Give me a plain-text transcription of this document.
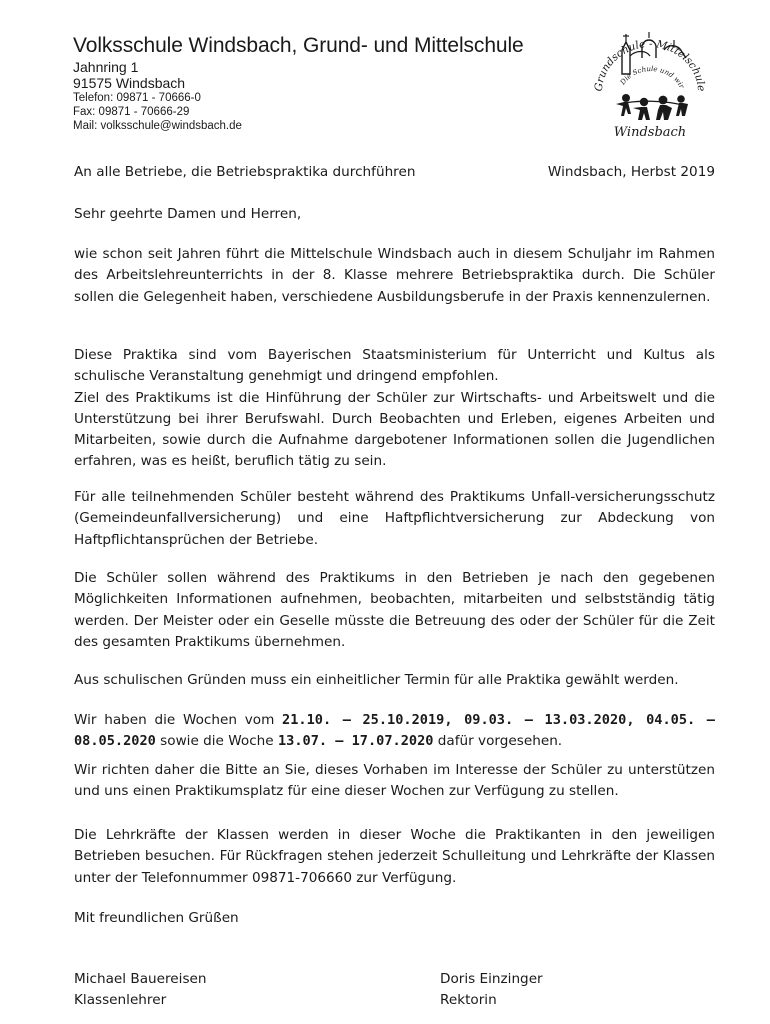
Volksschule Windsbach, Grund- und Mittelschule
Jahnring 1
91575 Windsbach
Telefon: 09871 - 70666-0
Fax: 09871 - 70666-29
Mail: volksschule@windsbach.de
Grundschule - Mittelschule
Die Schule und wir
Windsbach
An alle Betriebe, die Betriebspraktika durchführen	Windsbach, Herbst 2019
Sehr geehrte Damen und Herren,

wie schon seit Jahren führt die Mittelschule Windsbach auch in diesem Schuljahr im Rahmen des Arbeitslehreunterrichts in der 8. Klasse mehrere Betriebspraktika durch. Die Schüler sollen die Gelegenheit haben, verschiedene Ausbildungsberufe in der Praxis kennenzulernen.

Diese Praktika sind vom Bayerischen Staatsministerium für Unterricht und Kultus als schulische Veranstaltung genehmigt und dringend empfohlen.

Ziel des Praktikums ist die Hinführung der Schüler zur Wirtschafts- und Arbeitswelt und die Unterstützung bei ihrer Berufswahl. Durch Beobachten und Erleben, eigenes Arbeiten und Mitarbeiten, sowie durch die Aufnahme dargebotener Informationen sollen die Jugendlichen erfahren, was es heißt, beruflich tätig zu sein.

Für alle teilnehmenden Schüler besteht während des Praktikums Unfall-versicherungsschutz (Gemeindeunfallversicherung) und eine Haftpflichtversicherung zur Abdeckung von Haftpflichtansprüchen der Betriebe.

Die Schüler sollen während des Praktikums in den Betrieben je nach den gegebenen Möglichkeiten Informationen aufnehmen, beobachten, mitarbeiten und selbstständig tätig werden. Der Meister oder ein Geselle müsste die Betreuung des oder der Schüler für die Zeit des gesamten Praktikums übernehmen.

Aus schulischen Gründen muss ein einheitlicher Termin für alle Praktika gewählt werden.

Wir haben die Wochen vom 21.10. – 25.10.2019, 09.03. – 13.03.2020, 04.05. – 08.05.2020 sowie die Woche 13.07. – 17.07.2020 dafür vorgesehen.

Wir richten daher die Bitte an Sie, dieses Vorhaben im Interesse der Schüler zu unterstützen und uns einen Praktikumsplatz für eine dieser Wochen zur Verfügung zu stellen.

Die Lehrkräfte der Klassen werden in dieser Woche die Praktikanten in den jeweiligen Betrieben besuchen. Für Rückfragen stehen jederzeit Schulleitung und Lehrkräfte der Klassen unter der Telefonnummer 09871-706660 zur Verfügung.

Mit freundlichen Grüßen
Michael Bauereisen
Klassenlehrer
Doris Einzinger
Rektorin
